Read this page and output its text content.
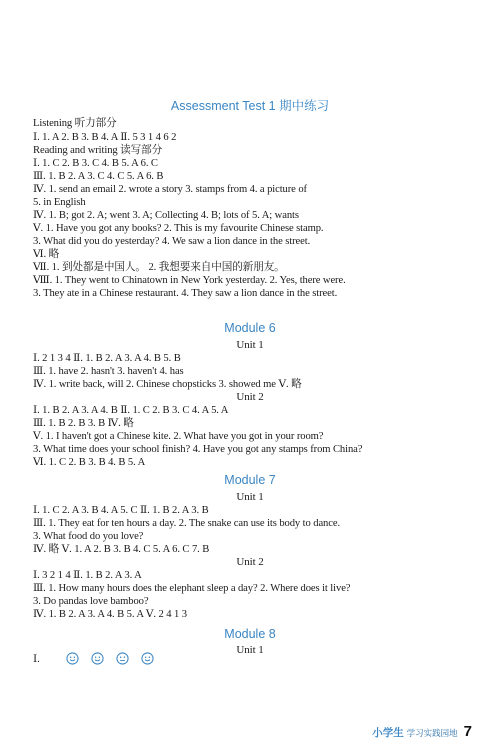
Assessment Test 1 期中练习
Listening 听力部分
Ⅰ. 1. A 2. B 3. B 4. A Ⅱ. 5 3 1 4 6 2
Reading and writing 读写部分
Ⅰ. 1. C 2. B 3. C 4. B 5. A 6. C
Ⅲ. 1. B 2. A 3. C 4. C 5. A 6. B
Ⅳ. 1. send an email 2. wrote a story 3. stamps from 4. a picture of
5. in English
Ⅳ. 1. B; got 2. A; went 3. A; Collecting 4. B; lots of 5. A; wants
Ⅴ. 1. Have you got any books? 2. This is my favourite Chinese stamp.
3. What did you do yesterday? 4. We saw a lion dance in the street.
Ⅵ. 略
Ⅶ. 1. 到处都是中国人。 2. 我想要来自中国的新朋友。
Ⅷ. 1. They went to Chinatown in New York yesterday. 2. Yes, there were.
3. They ate in a Chinese restaurant. 4. They saw a lion dance in the street.
Module 6
Unit 1
Ⅰ. 2 1 3 4 Ⅱ. 1. B 2. A 3. A 4. B 5. B
Ⅲ. 1. have 2. hasn't 3. haven't 4. has
Ⅳ. 1. write back, will 2. Chinese chopsticks 3. showed me Ⅴ. 略
Unit 2
Ⅰ. 1. B 2. A 3. A 4. B Ⅱ. 1. C 2. B 3. C 4. A 5. A
Ⅲ. 1. B 2. B 3. B Ⅳ. 略
Ⅴ. 1. I haven't got a Chinese kite. 2. What have you got in your room?
3. What time does your school finish? 4. Have you got any stamps from China?
Ⅵ. 1. C 2. B 3. B 4. B 5. A
Module 7
Unit 1
Ⅰ. 1. C 2. A 3. B 4. A 5. C Ⅱ. 1. B 2. A 3. B
Ⅲ. 1. They eat for ten hours a day. 2. The snake can use its body to dance.
3. What food do you love?
Ⅳ. 略 Ⅴ. 1. A 2. B 3. B 4. C 5. A 6. C 7. B
Unit 2
Ⅰ. 3 2 1 4 Ⅱ. 1. B 2. A 3. A
Ⅲ. 1. How many hours does the elephant sleep a day? 2. Where does it live?
3. Do pandas love bamboo?
Ⅳ. 1. B 2. A 3. A 4. B 5. A Ⅴ. 2 4 1 3
Module 8
Unit 1
Ⅰ.
小学生 学习实践园地 7
